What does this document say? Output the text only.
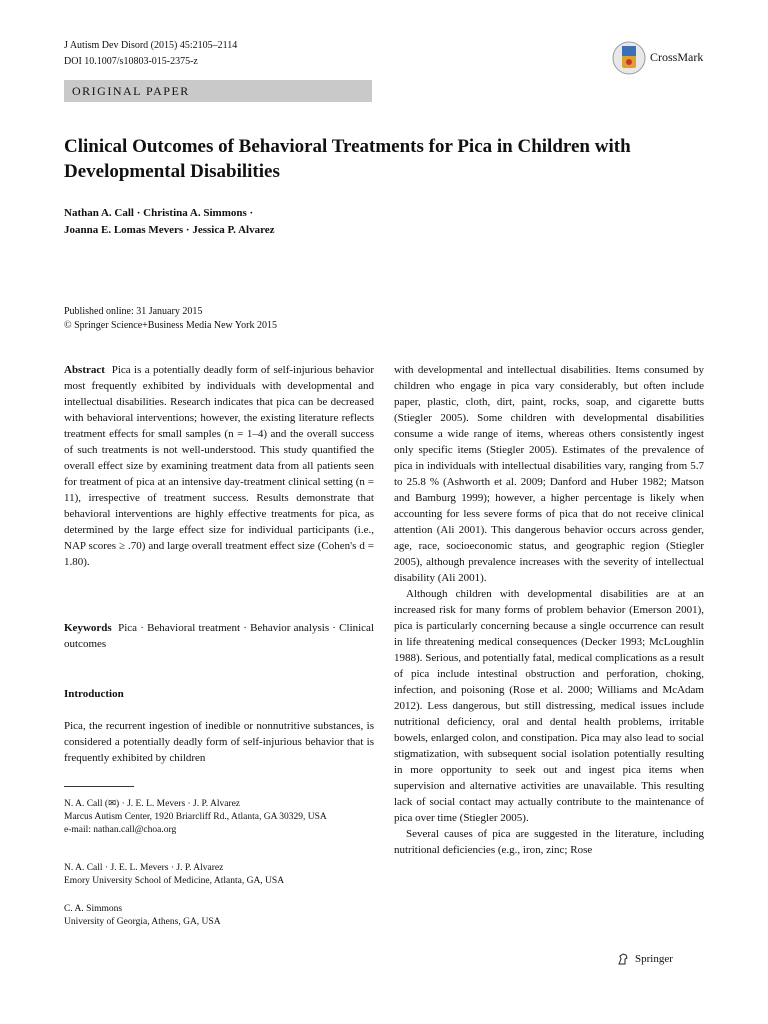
J Autism Dev Disord (2015) 45:2105–2114
DOI 10.1007/s10803-015-2375-z	CrossMark
ORIGINAL PAPER
Clinical Outcomes of Behavioral Treatments for Pica in Children with Developmental Disabilities
Nathan A. Call · Christina A. Simmons ·
Joanna E. Lomas Mevers · Jessica P. Alvarez
Published online: 31 January 2015
© Springer Science+Business Media New York 2015
Abstract Pica is a potentially deadly form of self-injurious behavior most frequently exhibited by individuals with developmental and intellectual disabilities. Research indicates that pica can be decreased with behavioral interventions; however, the existing literature reflects treatment effects for small samples (n = 1–4) and the overall success of such treatments is not well-understood. This study quantified the overall effect size by examining treatment data from all patients seen for treatment of pica at an intensive day-treatment clinical setting (n = 11), irrespective of treatment success. Results demonstrate that behavioral interventions are highly effective treatments for pica, as determined by the large effect size for individual participants (i.e., NAP scores ≥ .70) and large overall treatment effect size (Cohen's d = 1.80).
Keywords Pica · Behavioral treatment · Behavior analysis · Clinical outcomes
Introduction
Pica, the recurrent ingestion of inedible or nonnutritive substances, is considered a potentially deadly form of self-injurious behavior that is frequently exhibited by children
N. A. Call (✉) · J. E. L. Mevers · J. P. Alvarez
Marcus Autism Center, 1920 Briarcliff Rd., Atlanta, GA 30329, USA
e-mail: nathan.call@choa.org
N. A. Call · J. E. L. Mevers · J. P. Alvarez
Emory University School of Medicine, Atlanta, GA, USA
C. A. Simmons
University of Georgia, Athens, GA, USA

with developmental and intellectual disabilities. Items consumed by children who engage in pica vary considerably, but often include paper, plastic, cloth, dirt, paint, rocks, soap, and cigarette butts (Stiegler 2005). Some children with developmental disabilities consume a wide range of items, whereas others consistently ingest only specific items (Stiegler 2005). Estimates of the prevalence of pica in individuals with intellectual disabilities vary, ranging from 5.7 to 25.8 % (Ashworth et al. 2009; Danford and Huber 1982; Matson and Bamburg 1999); however, a higher percentage is likely when accounting for less severe forms of pica that do not receive clinical attention (Ali 2001). This dangerous behavior occurs across gender, age, race, socioeconomic status, and geographic region (Stiegler 2005), although prevalence increases with the severity of intellectual disability (Ali 2001).

Although children with developmental disabilities are at an increased risk for many forms of problem behavior (Emerson 2001), pica is particularly concerning because a single occurrence can result in life threatening medical consequences (Decker 1993; McLoughlin 1988). Serious, and potentially fatal, medical complications as a result of pica include intestinal obstruction and perforation, choking, infection, and poisoning (Rose et al. 2000; Williams and McAdam 2012). Less dangerous, but still distressing, medical issues include nutritional deficiency, oral and dental health problems, irritable bowels, enlarged colon, and constipation. Pica may also lead to social stigmatization, with subsequent social isolation potentially resulting in more opportunity to seek out and ingest pica items when supervision and alternative activities are unavailable. This resulting lack of social contact may actually contribute to the maintenance of pica over time (Stiegler 2005).

Several causes of pica are suggested in the literature, including nutritional deficiencies (e.g., iron, zinc; Rose

Springer
